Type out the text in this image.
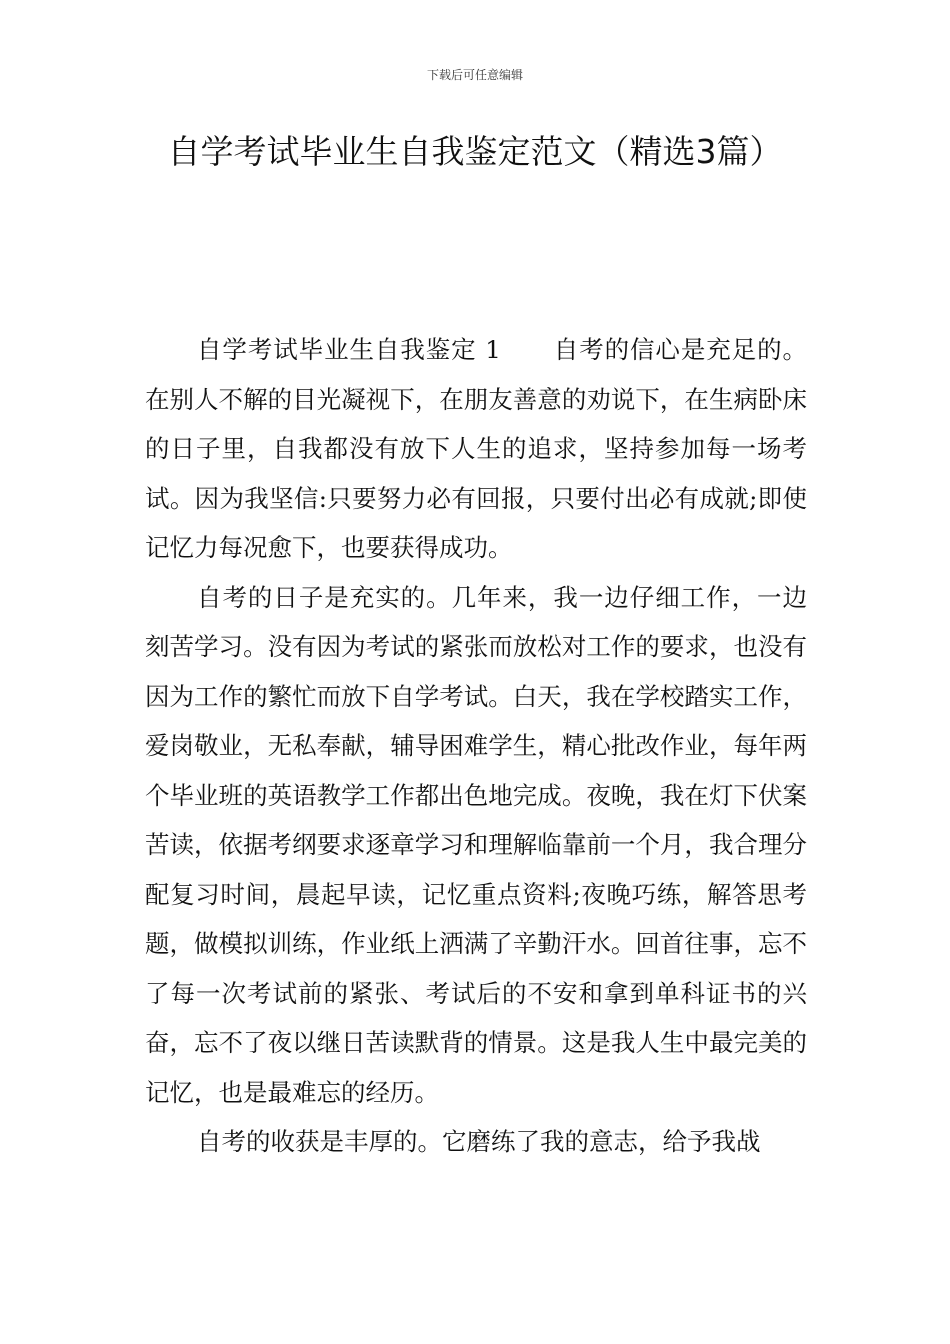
下载后可任意编辑
自学考试毕业生自我鉴定范文（精选3篇）

自学考试毕业生自我鉴定 1 自考的信心是充足的。在别人不解的目光凝视下，在朋友善意的劝说下，在生病卧床的日子里，自我都没有放下人生的追求，坚持参加每一场考试。因为我坚信:只要努力必有回报，只要付出必有成就;即使记忆力每况愈下，也要获得成功。

自考的日子是充实的。几年来，我一边仔细工作，一边刻苦学习。没有因为考试的紧张而放松对工作的要求，也没有因为工作的繁忙而放下自学考试。白天，我在学校踏实工作，爱岗敬业，无私奉献，辅导困难学生，精心批改作业，每年两个毕业班的英语教学工作都出色地完成。夜晚，我在灯下伏案苦读，依据考纲要求逐章学习和理解临靠前一个月，我合理分配复习时间，晨起早读，记忆重点资料;夜晚巧练，解答思考题，做模拟训练，作业纸上洒满了辛勤汗水。回首往事，忘不了每一次考试前的紧张、考试后的不安和拿到单科证书的兴奋，忘不了夜以继日苦读默背的情景。这是我人生中最完美的记忆，也是最难忘的经历。

自考的收获是丰厚的。它磨练了我的意志，给予我战
